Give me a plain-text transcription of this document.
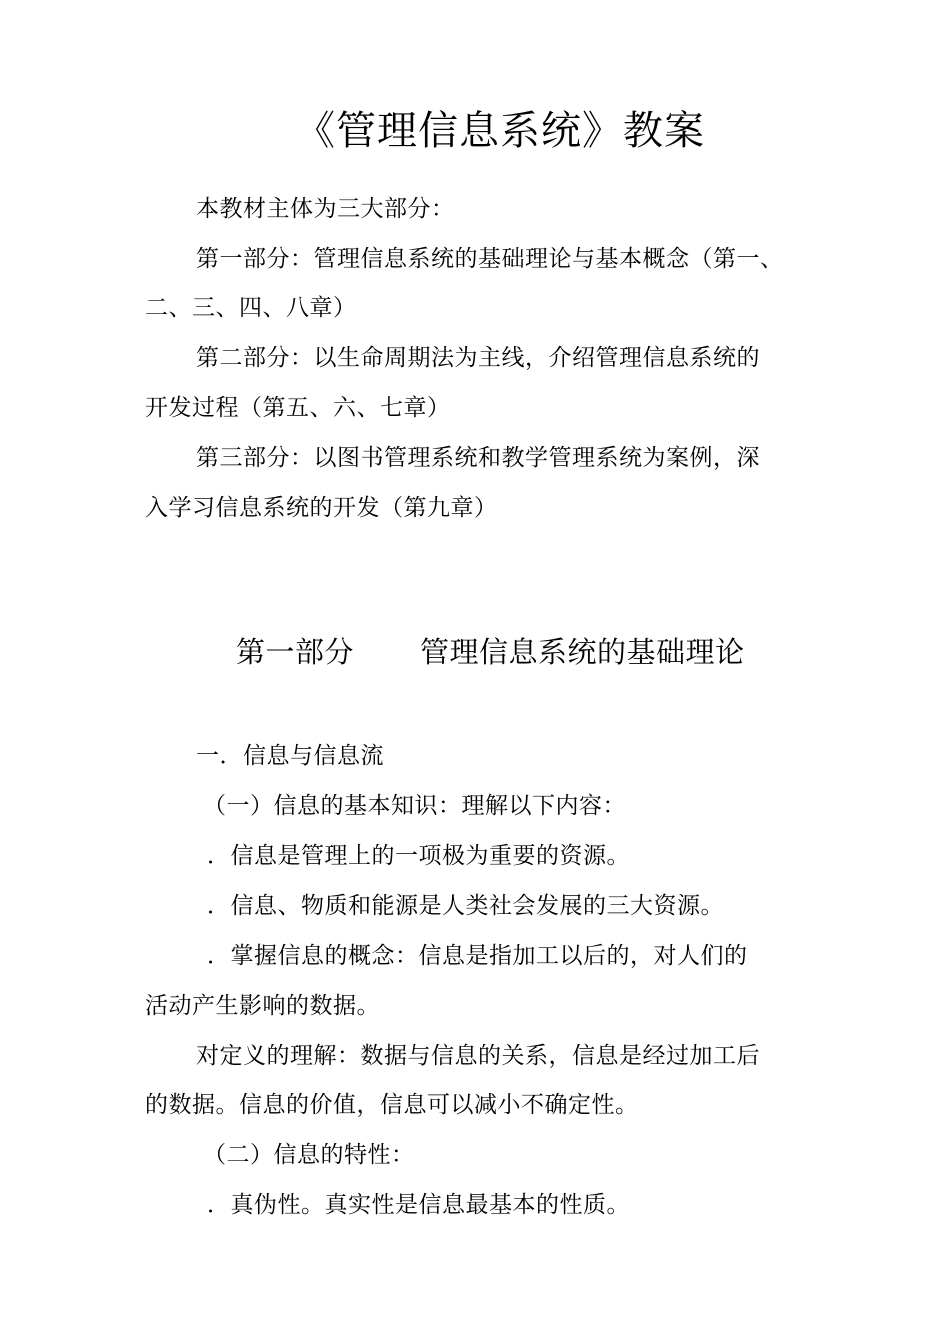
《管理信息系统》教案
本教材主体为三大部分：
第一部分：管理信息系统的基础理论与基本概念（第一、
二、三、四、八章）
第二部分：以生命周期法为主线，介绍管理信息系统的
开发过程（第五、六、七章）
第三部分：以图书管理系统和教学管理系统为案例，深
入学习信息系统的开发（第九章）
第一部分 管理信息系统的基础理论
一．信息与信息流
（一）信息的基本知识：理解以下内容：
．信息是管理上的一项极为重要的资源。
．信息、物质和能源是人类社会发展的三大资源。
．掌握信息的概念：信息是指加工以后的，对人们的
活动产生影响的数据。
对定义的理解：数据与信息的关系，信息是经过加工后
的数据。信息的价值，信息可以减小不确定性。
（二）信息的特性：
．真伪性。真实性是信息最基本的性质。
